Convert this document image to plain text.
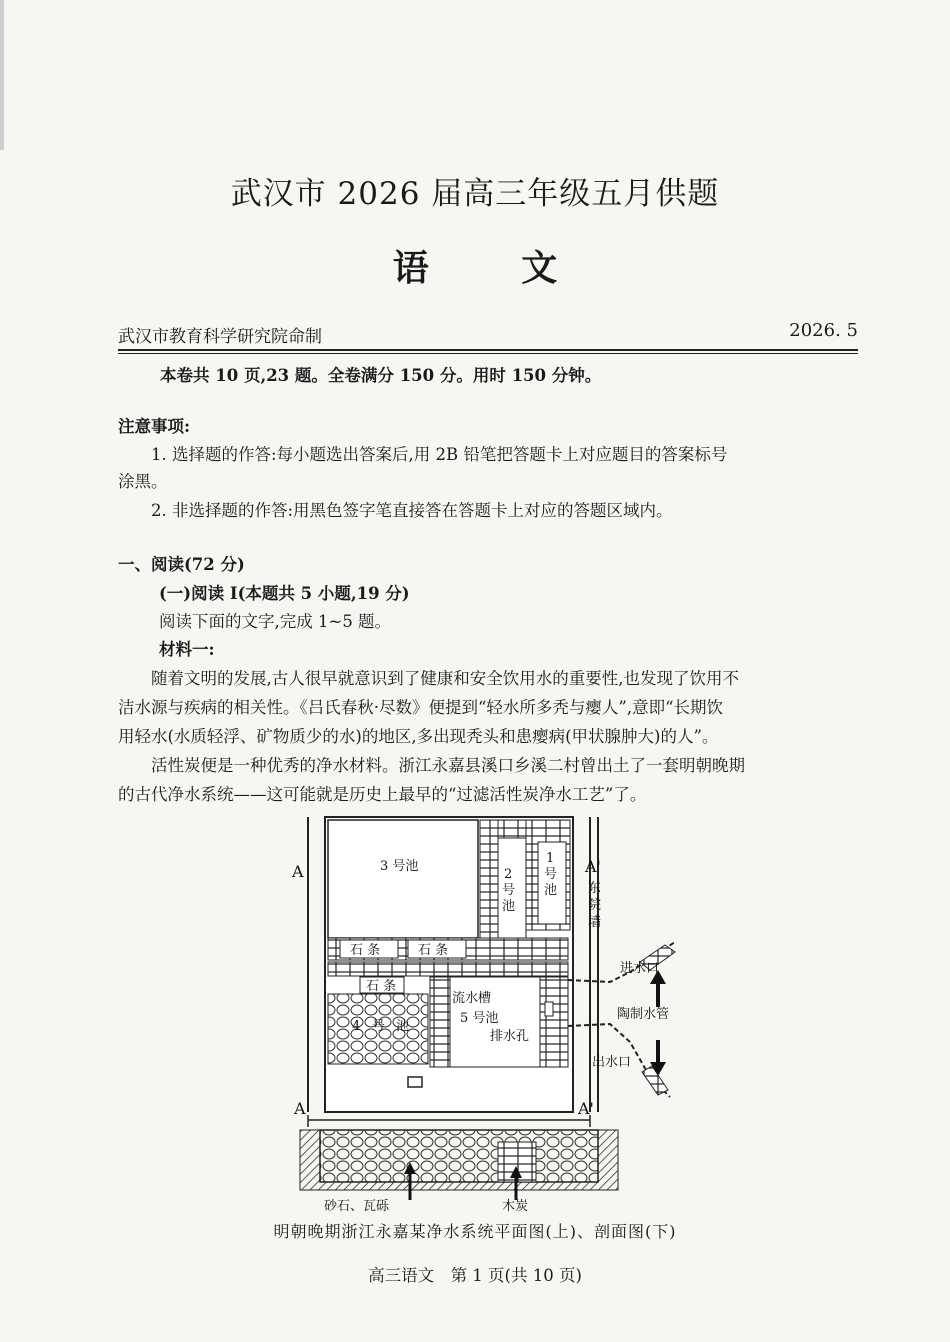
武汉市 2026 届高三年级五月供题
语 文
武汉市教育科学研究院命制	2026. 5
本卷共 10 页,23 题。全卷满分 150 分。用时 150 分钟。
注意事项:
1. 选择题的作答:每小题选出答案后,用 2B 铅笔把答题卡上对应题目的答案标号
涂黑。
2. 非选择题的作答:用黑色签字笔直接答在答题卡上对应的答题区域内。
一、阅读(72 分)
(一)阅读 I(本题共 5 小题,19 分)
阅读下面的文字,完成 1~5 题。
材料一:
随着文明的发展,古人很早就意识到了健康和安全饮用水的重要性,也发现了饮用不
洁水源与疾病的相关性。《吕氏春秋·尽数》便提到“轻水所多秃与瘿人”,意即“长期饮
用轻水(水质轻浮、矿物质少的水)的地区,多出现秃头和患瘿病(甲状腺肿大)的人”。
活性炭便是一种优秀的净水材料。浙江永嘉县溪口乡溪二村曾出土了一套明朝晚期
的古代净水系统——这可能就是历史上最早的“过滤活性炭净水工艺”了。
A	A'
3 号池
2
号
池
1
号
池 东
院
墙
石 条	石 条
石 条
4 号 池
流水槽
5 号池
排水孔
进水口
陶制水管
出水口
A	A'
砂石、瓦砾	木炭
明朝晚期浙江永嘉某净水系统平面图(上)、剖面图(下)
高三语文　第 1 页(共 10 页)
